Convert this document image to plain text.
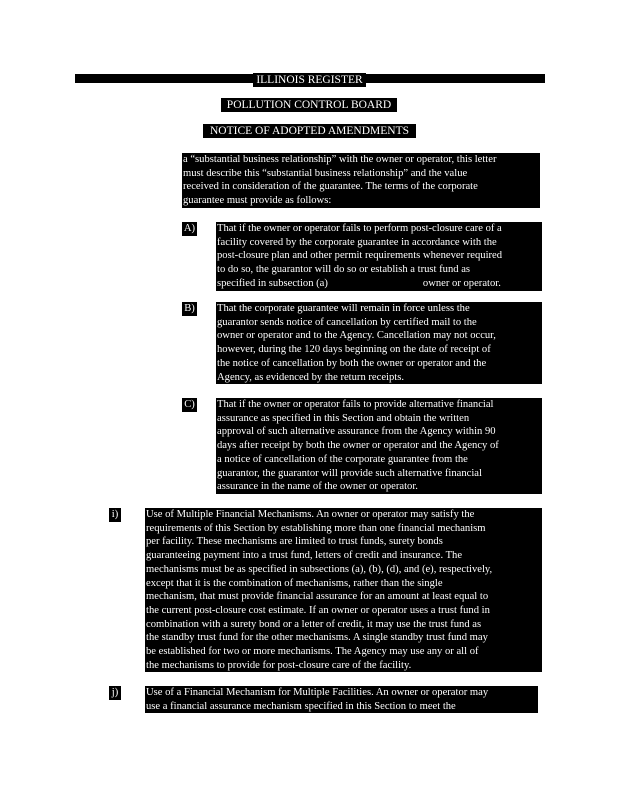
ILLINOIS REGISTER
POLLUTION CONTROL BOARD
NOTICE OF ADOPTED AMENDMENTS
a “substantial business relationship” with the owner or operator, this letter
must describe this “substantial business relationship” and the value
received in consideration of the guarantee. The terms of the corporate
guarantee must provide as follows:
A) That if the owner or operator fails to perform post-closure care of a
facility covered by the corporate guarantee in accordance with the
post-closure plan and other permit requirements whenever required
to do so, the guarantor will do so or establish a trust fund as
specified in subsection (a)	owner or operator.
B) That the corporate guarantee will remain in force unless the
guarantor sends notice of cancellation by certified mail to the
owner or operator and to the Agency. Cancellation may not occur,
however, during the 120 days beginning on the date of receipt of
the notice of cancellation by both the owner or operator and the
Agency, as evidenced by the return receipts.
C) That if the owner or operator fails to provide alternative financial
assurance as specified in this Section and obtain the written
approval of such alternative assurance from the Agency within 90
days after receipt by both the owner or operator and the Agency of
a notice of cancellation of the corporate guarantee from the
guarantor, the guarantor will provide such alternative financial
assurance in the name of the owner or operator.
i)	Use of Multiple Financial Mechanisms. An owner or operator may satisfy the
requirements of this Section by establishing more than one financial mechanism
per facility. These mechanisms are limited to trust funds, surety bonds
guaranteeing payment into a trust fund, letters of credit and insurance. The
mechanisms must be as specified in subsections (a), (b), (d), and (e), respectively,
except that it is the combination of mechanisms, rather than the single
mechanism, that must provide financial assurance for an amount at least equal to
the current post-closure cost estimate. If an owner or operator uses a trust fund in
combination with a surety bond or a letter of credit, it may use the trust fund as
the standby trust fund for the other mechanisms. A single standby trust fund may
be established for two or more mechanisms. The Agency may use any or all of
the mechanisms to provide for post-closure care of the facility.
j)	Use of a Financial Mechanism for Multiple Facilities. An owner or operator may
use a financial assurance mechanism specified in this Section to meet the
